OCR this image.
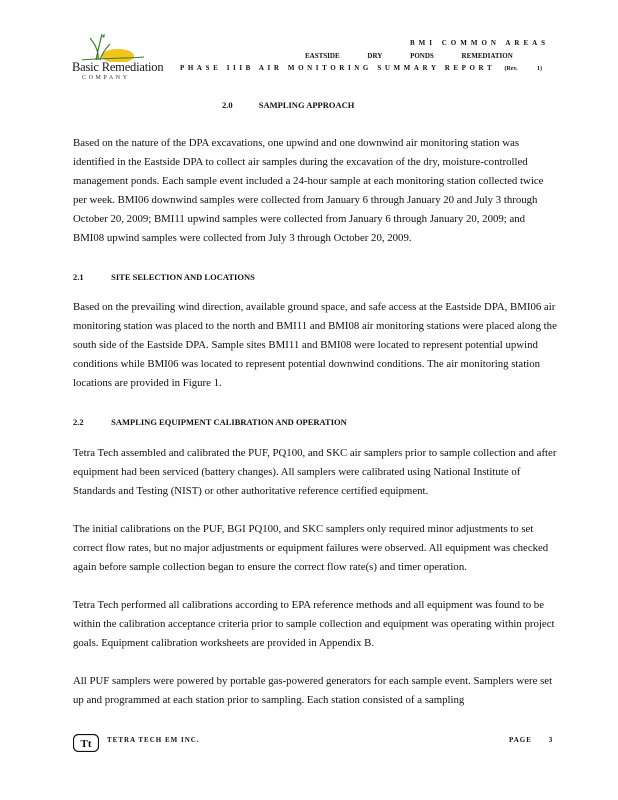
Basic Remediation
COMPANY
BMI COMMON AREAS
EASTSIDE	DRY	PONDS	REMEDIATION
PHASE IIIB AIR MONITORING SUMMARY REPORT (Rev.	1)
2.0	SAMPLING APPROACH
Based on the nature of the DPA excavations, one upwind and one downwind air monitoring station was identified in the Eastside DPA to collect air samples during the excavation of the dry, moisture-controlled management ponds. Each sample event included a 24-hour sample at each monitoring station collected twice per week. BMI06 downwind samples were collected from January 6 through January 20 and July 3 through October 20, 2009; BMI11 upwind samples were collected from January 6 through January 20, 2009; and BMI08 upwind samples were collected from July 3 through October 20, 2009.
2.1	SITE SELECTION AND LOCATIONS
Based on the prevailing wind direction, available ground space, and safe access at the Eastside DPA, BMI06 air monitoring station was placed to the north and BMI11 and BMI08 air monitoring stations were placed along the south side of the Eastside DPA. Sample sites BMI11 and BMI08 were located to represent potential upwind conditions while BMI06 was located to represent potential downwind conditions. The air monitoring station locations are provided in Figure 1.
2.2	SAMPLING EQUIPMENT CALIBRATION AND OPERATION
Tetra Tech assembled and calibrated the PUF, PQ100, and SKC air samplers prior to sample collection and after equipment had been serviced (battery changes). All samplers were calibrated using National Institute of Standards and Testing (NIST) or other authoritative reference certified equipment.
The initial calibrations on the PUF, BGI PQ100, and SKC samplers only required minor adjustments to set correct flow rates, but no major adjustments or equipment failures were observed. All equipment was checked again before sample collection began to ensure the correct flow rate(s) and timer operation.
Tetra Tech performed all calibrations according to EPA reference methods and all equipment was found to be within the calibration acceptance criteria prior to sample collection and equipment was operating within project goals. Equipment calibration worksheets are provided in Appendix B.
All PUF samplers were powered by portable gas-powered generators for each sample event. Samplers were set up and programmed at each station prior to sampling. Each station consisted of a sampling
Tt TETRA TECH EM INC.	PAGE 3
